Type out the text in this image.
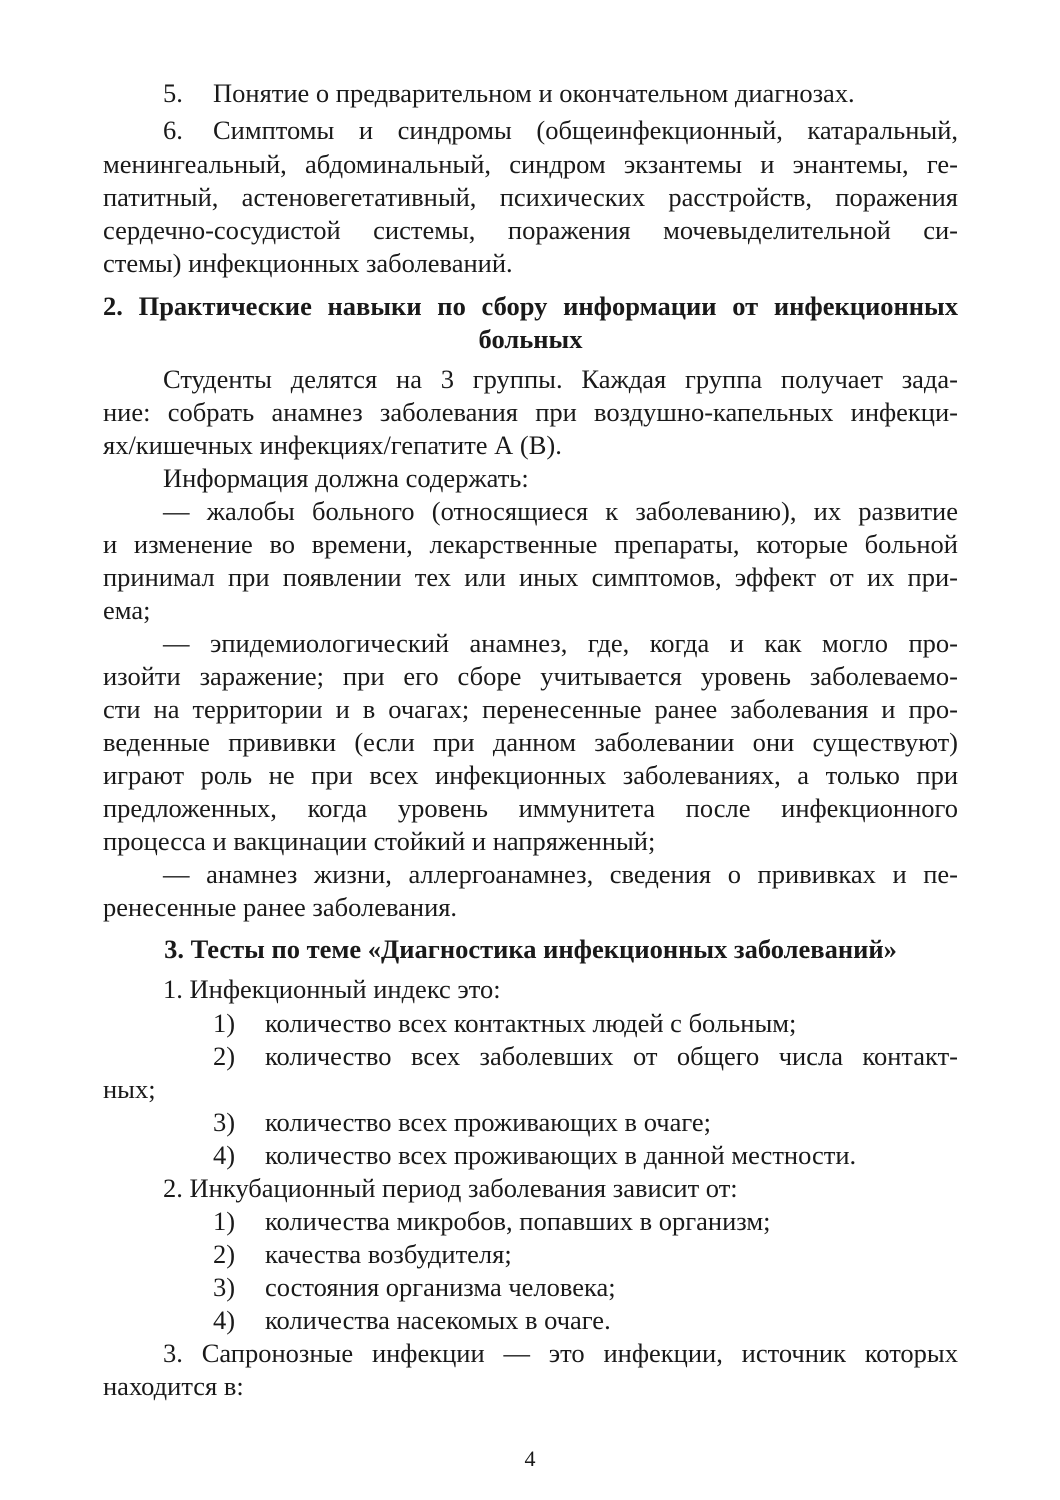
5. Понятие о предварительном и окончательном диагнозах.
6. Симптомы и синдромы (общеинфекционный, катаральный,
менингеальный, абдоминальный, синдром экзантемы и энантемы, ге-
патитный, астеновегетативный, психических расстройств, поражения
сердечно-сосудистой системы, поражения мочевыделительной си-
стемы) инфекционных заболеваний.
2. Практические навыки по сбору информации от инфекционных
больных
Студенты делятся на 3 группы. Каждая группа получает зада-
ние: собрать анамнез заболевания при воздушно-капельных инфекци-
ях/кишечных инфекциях/гепатите А (В).
Информация должна содержать:
— жалобы больного (относящиеся к заболеванию), их развитие
и изменение во времени, лекарственные препараты, которые больной
принимал при появлении тех или иных симптомов, эффект от их при-
ема;
— эпидемиологический анамнез, где, когда и как могло про-
изойти заражение; при его сборе учитывается уровень заболеваемо-
сти на территории и в очагах; перенесенные ранее заболевания и про-
веденные прививки (если при данном заболевании они существуют)
играют роль не при всех инфекционных заболеваниях, а только при
предложенных, когда уровень иммунитета после инфекционного
процесса и вакцинации стойкий и напряженный;
— анамнез жизни, аллергоанамнез, сведения о прививках и пе-
ренесенные ранее заболевания.
3. Тесты по теме «Диагностика инфекционных заболеваний»
1. Инфекционный индекс это:
1) количество всех контактных людей с больным;
2) количество всех заболевших от общего числа контакт-
ных;
3) количество всех проживающих в очаге;
4) количество всех проживающих в данной местности.
2. Инкубационный период заболевания зависит от:
1) количества микробов, попавших в организм;
2) качества возбудителя;
3) состояния организма человека;
4) количества насекомых в очаге.
3. Сапронозные инфекции — это инфекции, источник которых
находится в:
4
